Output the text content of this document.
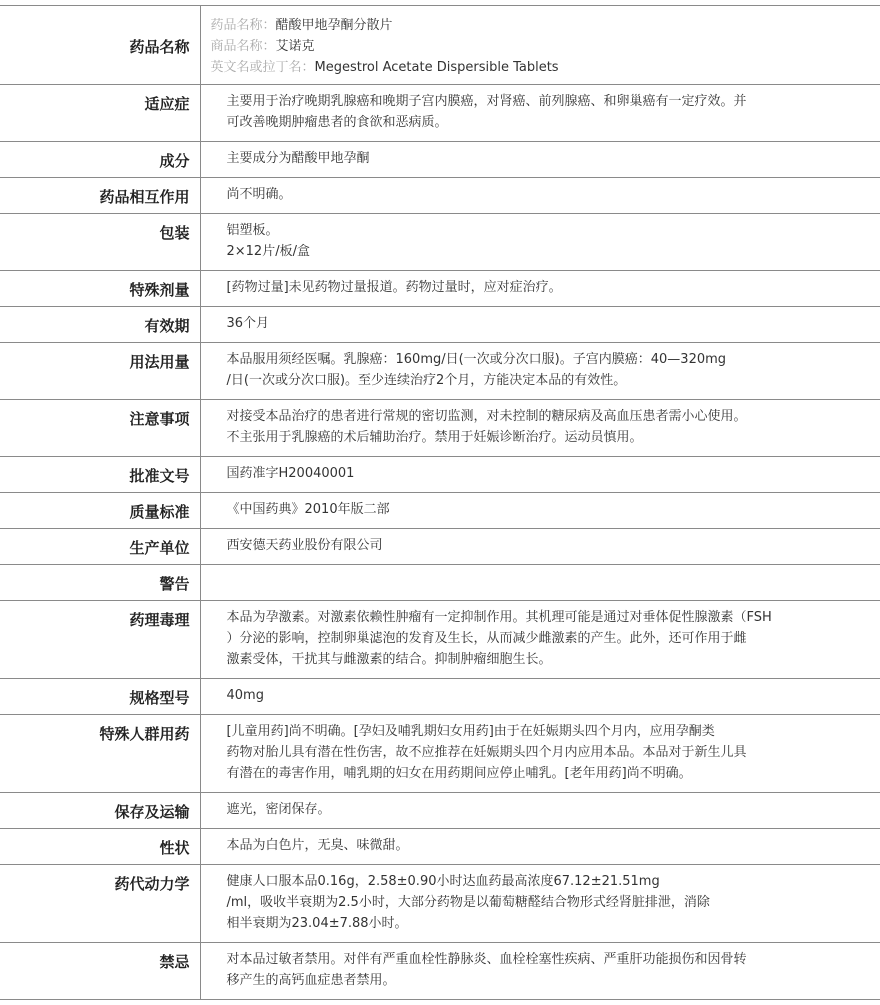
药品名称	药品名称：醋酸甲地孕酮分散片

商品名称：艾诺克

英文名或拉丁名：Megestrol Acetate Dispersible Tablets

适应症	主要用于治疗晚期乳腺癌和晚期子宫内膜癌，对肾癌、前列腺癌、和卵巢癌有一定疗效。并

可改善晚期肿瘤患者的食欲和恶病质。

成分	主要成分为醋酸甲地孕酮

药品相互作用	尚不明确。

包装	铝塑板。

2×12片/板/盒

特殊剂量	[药物过量]未见药物过量报道。药物过量时，应对症治疗。

有效期	36个月

用法用量	本品服用须经医嘱。乳腺癌：160mg/日(一次或分次口服)。子宫内膜癌：40—320mg

/日(一次或分次口服)。至少连续治疗2个月，方能决定本品的有效性。

注意事项	对接受本品治疗的患者进行常规的密切监测，对未控制的糖尿病及高血压患者需小心使用。

不主张用于乳腺癌的术后辅助治疗。禁用于妊娠诊断治疗。运动员慎用。

批准文号	国药准字H20040001

质量标准	《中国药典》2010年版二部

生产单位	西安德天药业股份有限公司

警告	

药理毒理	本品为孕激素。对激素依赖性肿瘤有一定抑制作用。其机理可能是通过对垂体促性腺激素（FSH

）分泌的影响，控制卵巢滤泡的发育及生长，从而减少雌激素的产生。此外，还可作用于雌

激素受体，干扰其与雌激素的结合。抑制肿瘤细胞生长。

规格型号	40mg

特殊人群用药	[儿童用药]尚不明确。[孕妇及哺乳期妇女用药]由于在妊娠期头四个月内，应用孕酮类

药物对胎儿具有潜在性伤害，故不应推荐在妊娠期头四个月内应用本品。本品对于新生儿具

有潜在的毒害作用，哺乳期的妇女在用药期间应停止哺乳。[老年用药]尚不明确。

保存及运输	遮光，密闭保存。

性状	本品为白色片，无臭、味微甜。

药代动力学	健康人口服本品0.16g，2.58±0.90小时达血药最高浓度67.12±21.51mg

/ml，吸收半衰期为2.5小时，大部分药物是以葡萄糖醛结合物形式经肾脏排泄，消除

相半衰期为23.04±7.88小时。

禁忌	对本品过敏者禁用。对伴有严重血栓性静脉炎、血栓栓塞性疾病、严重肝功能损伤和因骨转

移产生的高钙血症患者禁用。
